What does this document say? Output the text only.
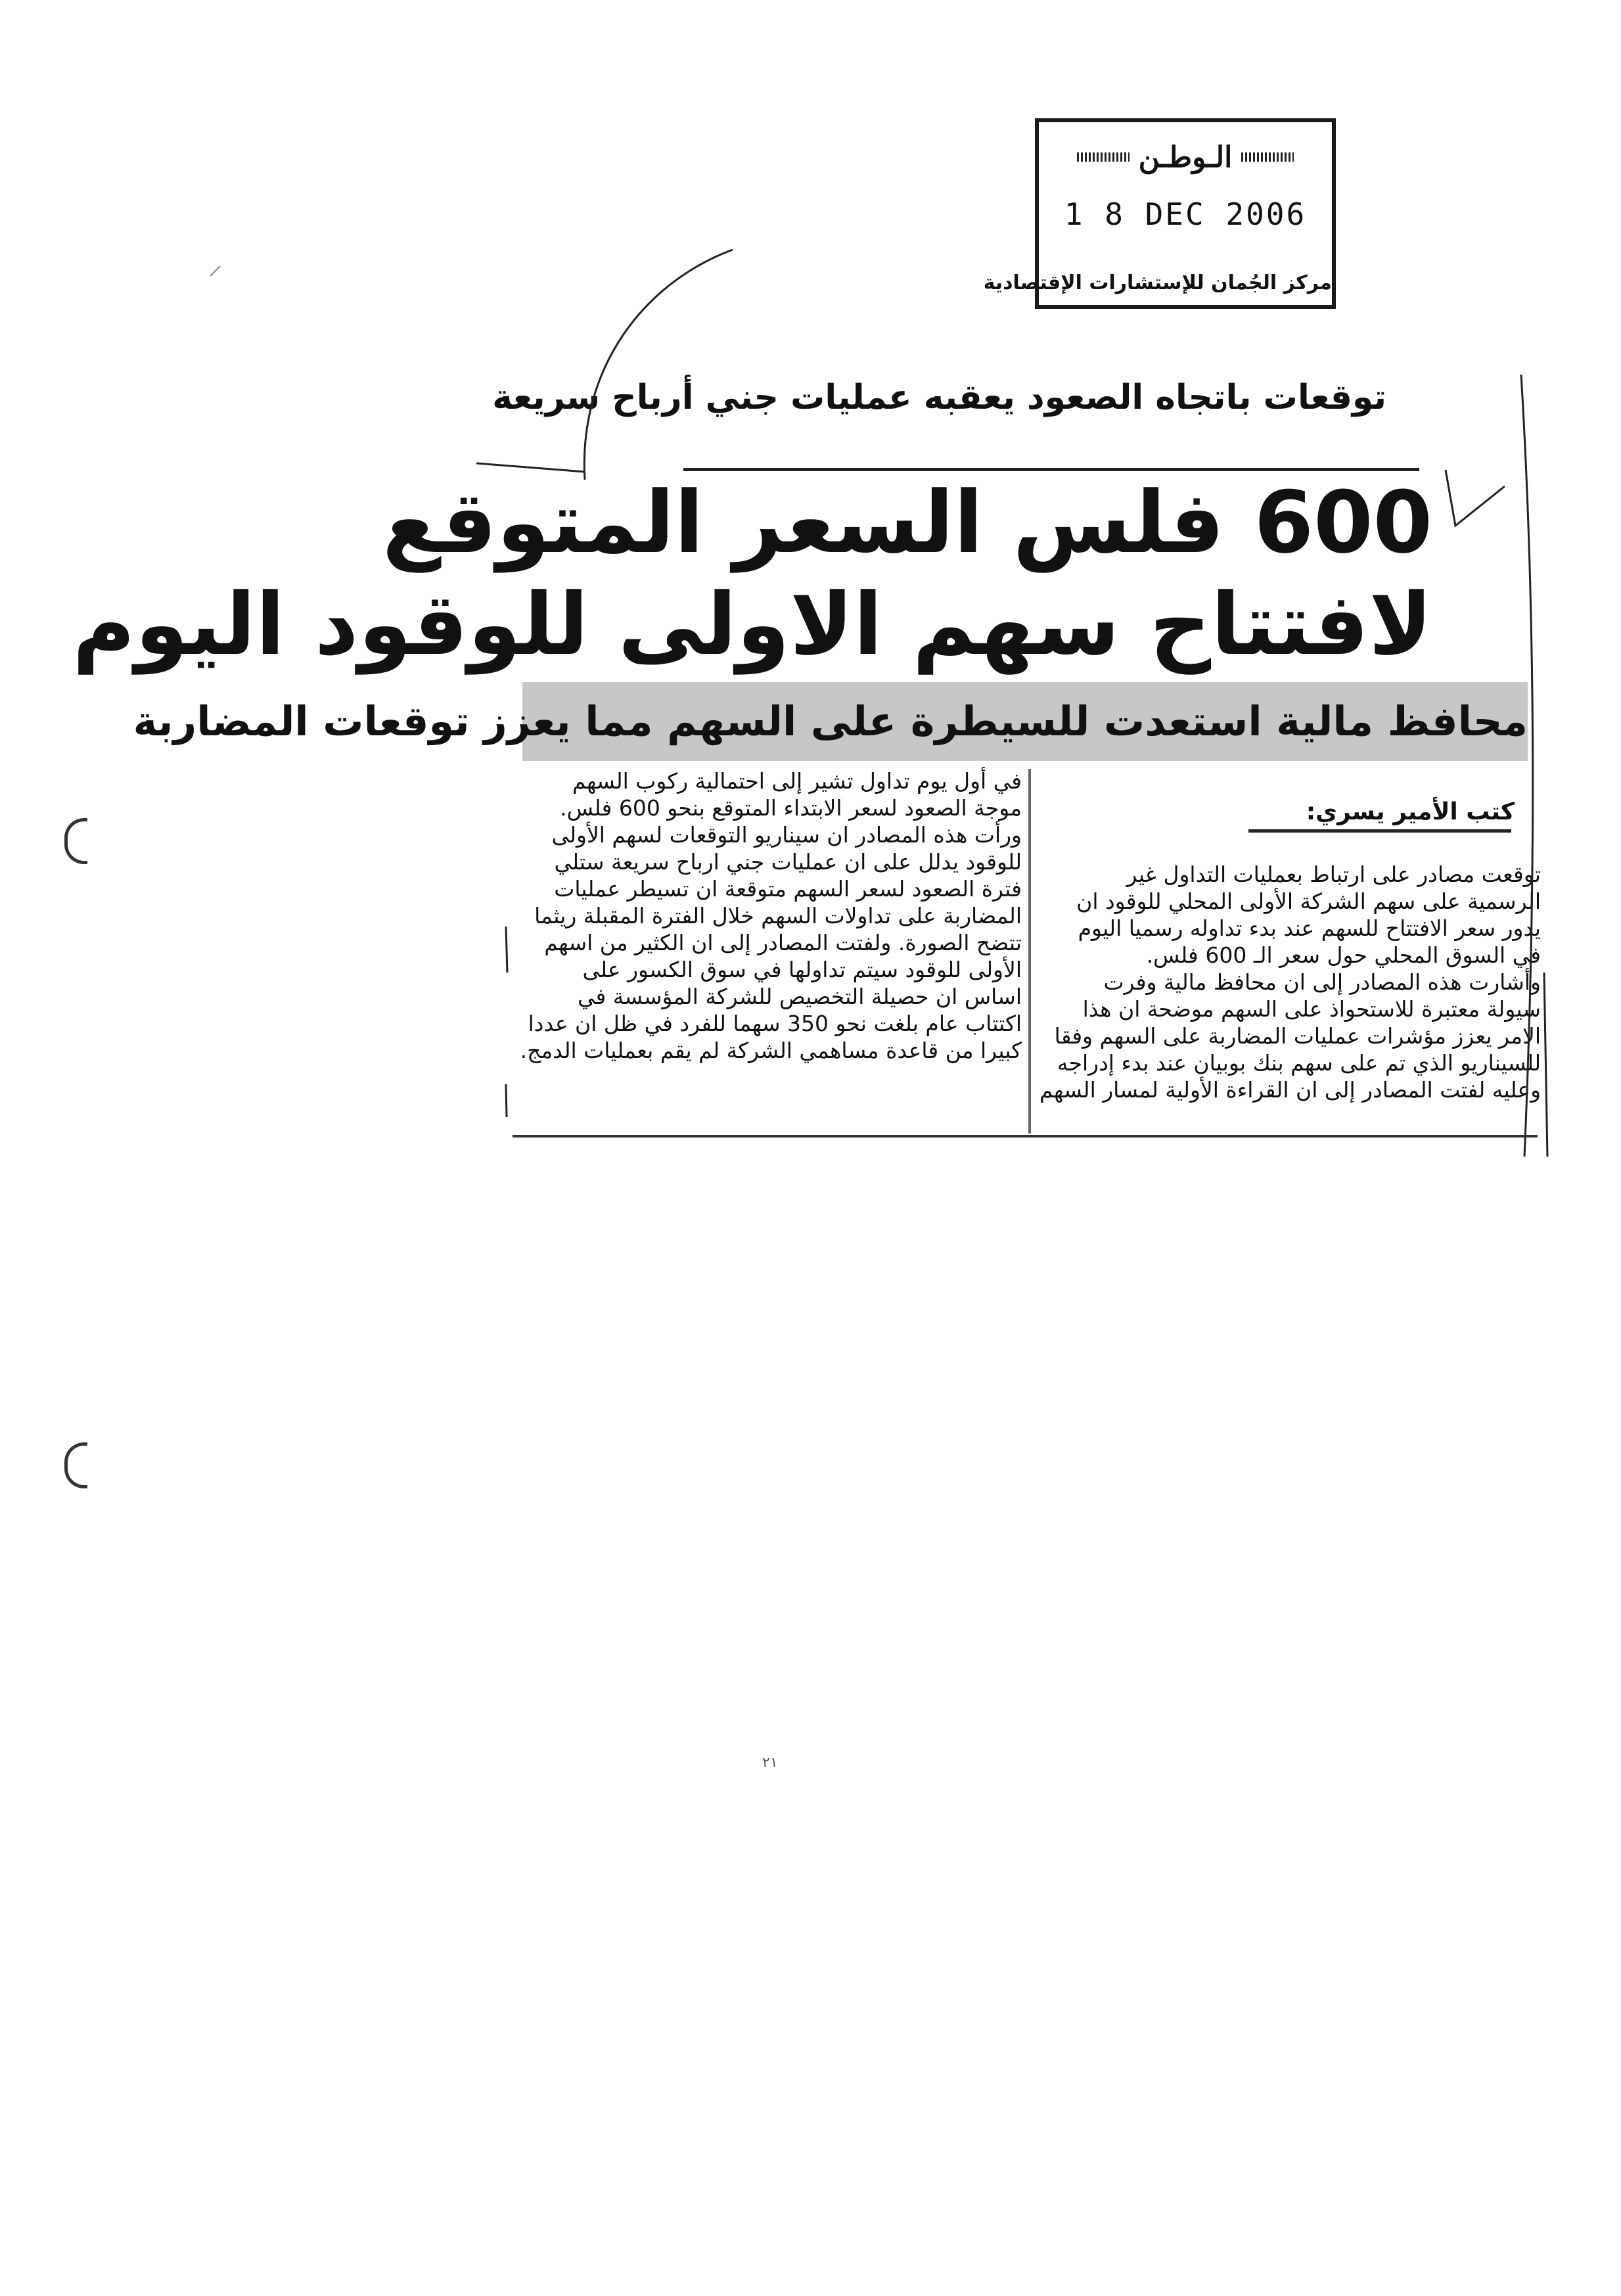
الـوطـن
1 8 DEC 2006
مركز الجُمان للإستشارات الإقتصادية
توقعات باتجاه الصعود يعقبه عمليات جني أرباح سريعة
600 فلس السعر المتوقع
لافتتاح سهم الاولى للوقود اليوم
محافظ مالية استعدت للسيطرة على السهم مما يعزز توقعات المضاربة
كتب الأمير يسري:

توقعت مصادر على ارتباط بعمليات التداول غير

الرسمية على سهم الشركة الأولى المحلي للوقود ان

يدور سعر الافتتاح للسهم عند بدء تداوله رسميا اليوم

في السوق المحلي حول سعر الـ 600 فلس.

وأشارت هذه المصادر إلى ان محافظ مالية وفرت

سيولة معتبرة للاستحواذ على السهم موضحة ان هذا

الامر يعزز مؤشرات عمليات المضاربة على السهم وفقا

للسيناريو الذي تم على سهم بنك بوبيان عند بدء إدراجه

وعليه لفتت المصادر إلى ان القراءة الأولية لمسار السهم

في أول يوم تداول تشير إلى احتمالية ركوب السهم

موجة الصعود لسعر الابتداء المتوقع بنحو 600 فلس.

ورأت هذه المصادر ان سيناريو التوقعات لسهم الأولى

للوقود يدلل على ان عمليات جني ارباح سريعة ستلي

فترة الصعود لسعر السهم متوقعة ان تسيطر عمليات

المضاربة على تداولات السهم خلال الفترة المقبلة ريثما

تتضح الصورة. ولفتت المصادر إلى ان الكثير من اسهم

الأولى للوقود سيتم تداولها في سوق الكسور على

اساس ان حصيلة التخصيص للشركة المؤسسة في

اكتتاب عام بلغت نحو 350 سهما للفرد في ظل ان عددا

كبيرا من قاعدة مساهمي الشركة لم يقم بعمليات الدمج.

٢١
